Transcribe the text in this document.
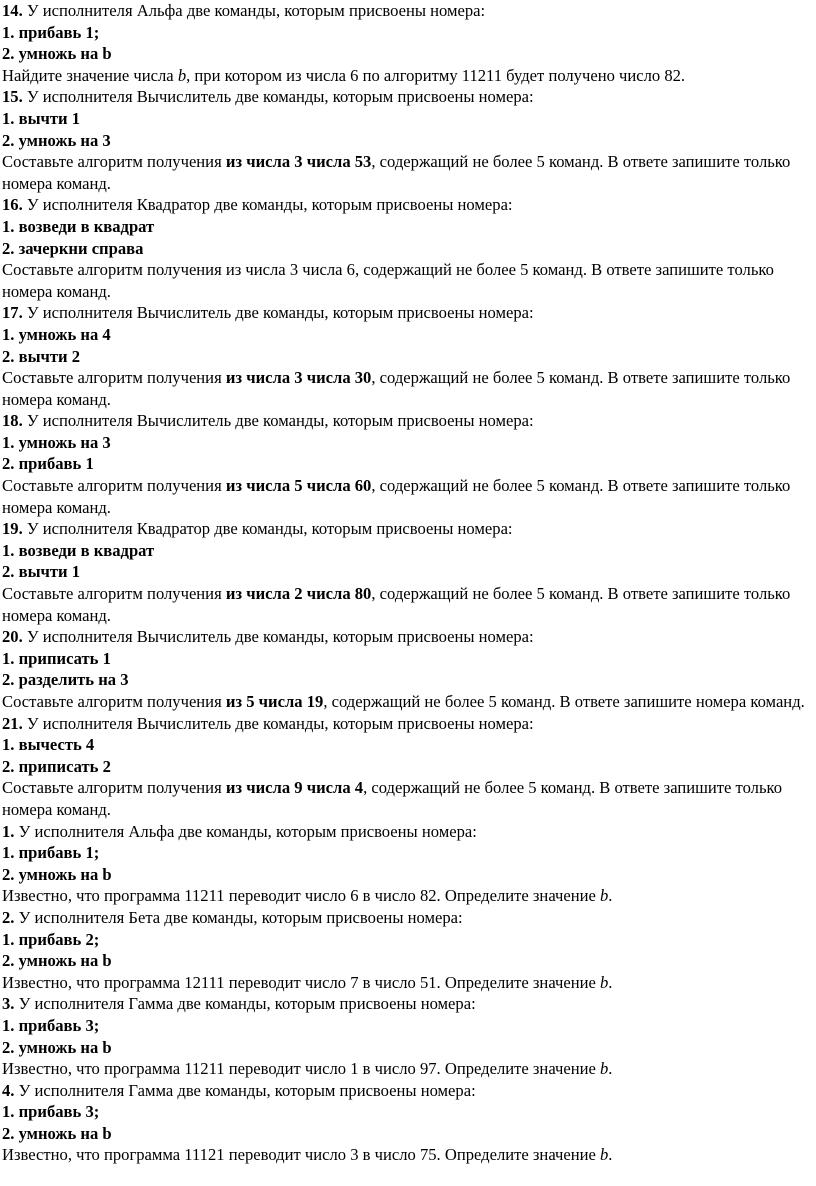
14. У исполнителя Альфа две команды, которым присвоены номера:
1. прибавь 1;
2. умножь на b
Найдите значение числа b, при котором из числа 6 по алгоритму 11211 будет получено число 82.
15. У исполнителя Вычислитель две команды, которым присвоены номера:
1. вычти 1
2. умножь на 3
Составьте алгоритм получения из числа 3 числа 53, содержащий не более 5 команд. В ответе запишите только номера команд.
16. У исполнителя Квадратор две команды, которым присвоены номера:
1. возведи в квадрат
2. зачеркни справа
Составьте алгоритм получения из числа 3 числа 6, содержащий не более 5 команд. В ответе запишите только номера команд.
17. У исполнителя Вычислитель две команды, которым присвоены номера:
1. умножь на 4
2. вычти 2
Составьте алгоритм получения из числа 3 числа 30, содержащий не более 5 команд. В ответе запишите только номера команд.
18. У исполнителя Вычислитель две команды, которым присвоены номера:
1. умножь на 3
2. прибавь 1
Составьте алгоритм получения из числа 5 числа 60, содержащий не более 5 команд. В ответе запишите только номера команд.
19. У исполнителя Квадратор две команды, которым присвоены номера:
1. возведи в квадрат
2. вычти 1
Составьте алгоритм получения из числа 2 числа 80, содержащий не более 5 команд. В ответе запишите только номера команд.
20. У исполнителя Вычислитель две команды, которым присвоены номера:
1. приписать 1
2. разделить на 3
Составьте алгоритм получения из 5 числа 19, содержащий не более 5 команд. В ответе запишите номера команд.
21. У исполнителя Вычислитель две команды, которым присвоены номера:
1. вычесть 4
2. приписать 2
Составьте алгоритм получения из числа 9 числа 4, содержащий не более 5 команд. В ответе запишите только номера команд.
1. У исполнителя Альфа две команды, которым присвоены номера:
1. прибавь 1;
2. умножь на b
Известно, что программа 11211 переводит число 6 в число 82. Определите значение b.
2. У исполнителя Бета две команды, которым присвоены номера:
1. прибавь 2;
2. умножь на b
Известно, что программа 12111 переводит число 7 в число 51. Определите значение b.
3. У исполнителя Гамма две команды, которым присвоены номера:
1. прибавь 3;
2. умножь на b
Известно, что программа 11211 переводит число 1 в число 97. Определите значение b.
4. У исполнителя Гамма две команды, которым присвоены номера:
1. прибавь 3;
2. умножь на b
Известно, что программа 11121 переводит число 3 в число 75. Определите значение b.
